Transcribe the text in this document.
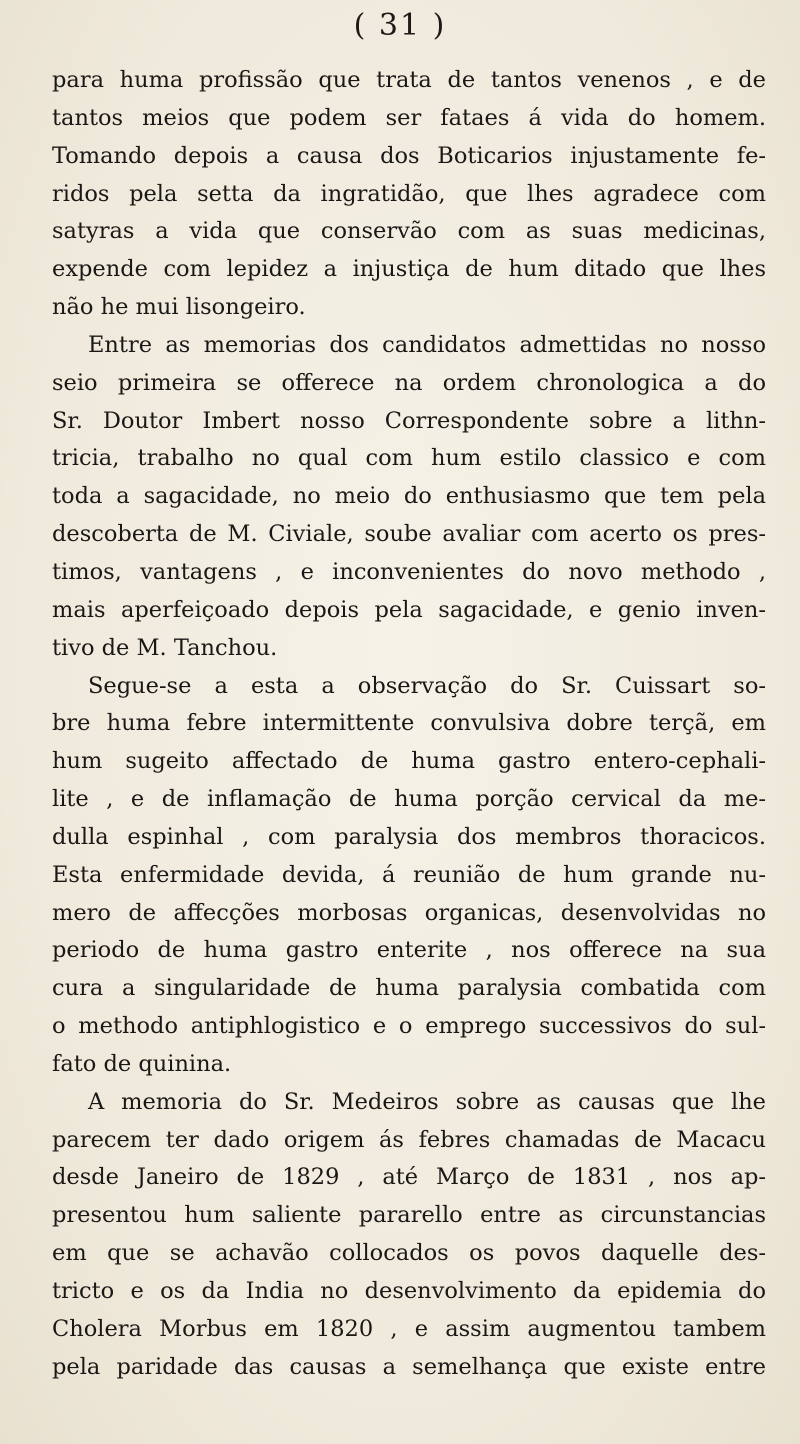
( 31 )
para huma profissão que trata de tantos venenos , e de
tantos meios que podem ser fataes á vida do homem.
Tomando depois a causa dos Boticarios injustamente fe-
ridos pela setta da ingratidão, que lhes agradece com
satyras a vida que conservão com as suas medicinas,
expende com lepidez a injustiça de hum ditado que lhes
não he mui lisongeiro.
Entre as memorias dos candidatos admettidas no nosso
seio primeira se offerece na ordem chronologica a do
Sr. Doutor Imbert nosso Correspondente sobre a lithn-
tricia, trabalho no qual com hum estilo classico e com
toda a sagacidade, no meio do enthusiasmo que tem pela
descoberta de M. Civiale, soube avaliar com acerto os pres-
timos, vantagens , e inconvenientes do novo methodo ,
mais aperfeiçoado depois pela sagacidade, e genio inven-
tivo de M. Tanchou.
Segue-se a esta a observação do Sr. Cuissart so-
bre huma febre intermittente convulsiva dobre terçã, em
hum sugeito affectado de huma gastro entero-cephali-
lite , e de inflamação de huma porção cervical da me-
dulla espinhal , com paralysia dos membros thoracicos.
Esta enfermidade devida, á reunião de hum grande nu-
mero de affecções morbosas organicas, desenvolvidas no
periodo de huma gastro enterite , nos offerece na sua
cura a singularidade de huma paralysia combatida com
o methodo antiphlogistico e o emprego successivos do sul-
fato de quinina.
A memoria do Sr. Medeiros sobre as causas que lhe
parecem ter dado origem ás febres chamadas de Macacu
desde Janeiro de 1829 , até Março de 1831 , nos ap-
presentou hum saliente pararello entre as circunstancias
em que se achavão collocados os povos daquelle des-
tricto e os da India no desenvolvimento da epidemia do
Cholera Morbus em 1820 , e assim augmentou tambem
pela paridade das causas a semelhança que existe entre
